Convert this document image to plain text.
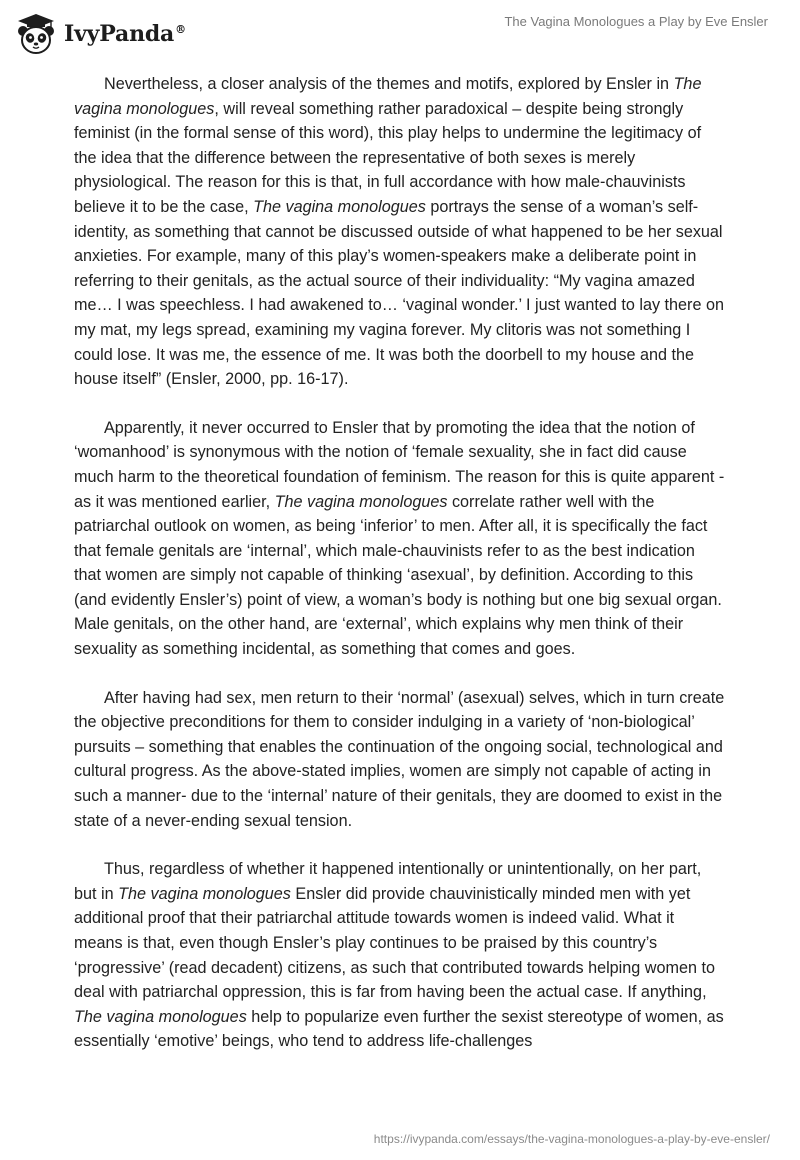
IvyPanda®
The Vagina Monologues a Play by Eve Ensler

Nevertheless, a closer analysis of the themes and motifs, explored by Ensler in The vagina monologues, will reveal something rather paradoxical – despite being strongly feminist (in the formal sense of this word), this play helps to undermine the legitimacy of the idea that the difference between the representative of both sexes is merely physiological. The reason for this is that, in full accordance with how male-chauvinists believe it to be the case, The vagina monologues portrays the sense of a woman’s self-identity, as something that cannot be discussed outside of what happened to be her sexual anxieties. For example, many of this play’s women-speakers make a deliberate point in referring to their genitals, as the actual source of their individuality: “My vagina amazed me… I was speechless. I had awakened to… ‘vaginal wonder.’ I just wanted to lay there on my mat, my legs spread, examining my vagina forever. My clitoris was not something I could lose. It was me, the essence of me. It was both the doorbell to my house and the house itself” (Ensler, 2000, pp. 16-17).

Apparently, it never occurred to Ensler that by promoting the idea that the notion of ‘womanhood’ is synonymous with the notion of ‘female sexuality, she in fact did cause much harm to the theoretical foundation of feminism. The reason for this is quite apparent - as it was mentioned earlier, The vagina monologues correlate rather well with the patriarchal outlook on women, as being ‘inferior’ to men. After all, it is specifically the fact that female genitals are ‘internal’, which male-chauvinists refer to as the best indication that women are simply not capable of thinking ‘asexual’, by definition. According to this (and evidently Ensler’s) point of view, a woman’s body is nothing but one big sexual organ. Male genitals, on the other hand, are ‘external’, which explains why men think of their sexuality as something incidental, as something that comes and goes.

After having had sex, men return to their ‘normal’ (asexual) selves, which in turn create the objective preconditions for them to consider indulging in a variety of ‘non-biological’ pursuits – something that enables the continuation of the ongoing social, technological and cultural progress. As the above-stated implies, women are simply not capable of acting in such a manner- due to the ‘internal’ nature of their genitals, they are doomed to exist in the state of a never-ending sexual tension.

Thus, regardless of whether it happened intentionally or unintentionally, on her part, but in The vagina monologues Ensler did provide chauvinistically minded men with yet additional proof that their patriarchal attitude towards women is indeed valid. What it means is that, even though Ensler’s play continues to be praised by this country’s ‘progressive’ (read decadent) citizens, as such that contributed towards helping women to deal with patriarchal oppression, this is far from having been the actual case. If anything, The vagina monologues help to popularize even further the sexist stereotype of women, as essentially ‘emotive’ beings, who tend to address life-challenges

https://ivypanda.com/essays/the-vagina-monologues-a-play-by-eve-ensler/
